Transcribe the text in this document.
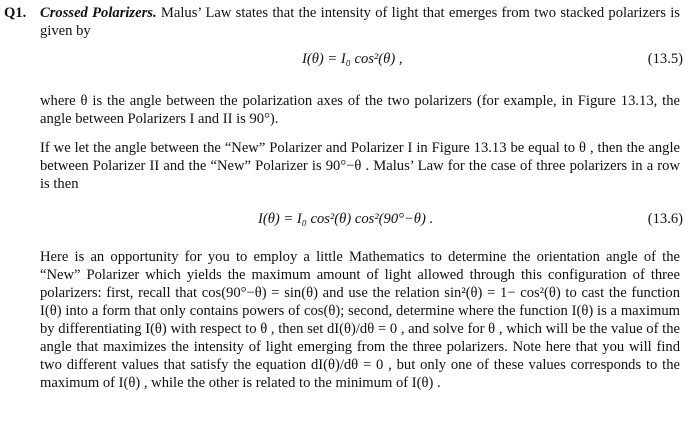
Q1. Crossed Polarizers. Malus’ Law states that the intensity of light that emerges from two stacked polarizers is given by
I(θ) = I₀ cos²(θ) ,	(13.5)

where θ is the angle between the polarization axes of the two polarizers (for example, in Figure 13.13, the angle between Polarizers I and II is 90°).

If we let the angle between the “New” Polarizer and Polarizer I in Figure 13.13 be equal to θ , then the angle between Polarizer II and the “New” Polarizer is 90°−θ . Malus’ Law for the case of three polarizers in a row is then

I(θ) = I₀ cos²(θ) cos²(90°−θ) .	(13.6)

Here is an opportunity for you to employ a little Mathematics to determine the orientation angle of the “New” Polarizer which yields the maximum amount of light allowed through this configuration of three polarizers: first, recall that cos(90°−θ) = sin(θ) and use the relation sin²(θ) = 1− cos²(θ) to cast the function I(θ) into a form that only contains powers of cos(θ); second, determine where the function I(θ) is a maximum by differentiating I(θ) with respect to θ , then set dI(θ)/dθ = 0 , and solve for θ , which will be the value of the angle that maximizes the intensity of light emerging from the three polarizers. Note here that you will find two different values that satisfy the equation dI(θ)/dθ = 0 , but only one of these values corresponds to the maximum of I(θ) , while the other is related to the minimum of I(θ) .
